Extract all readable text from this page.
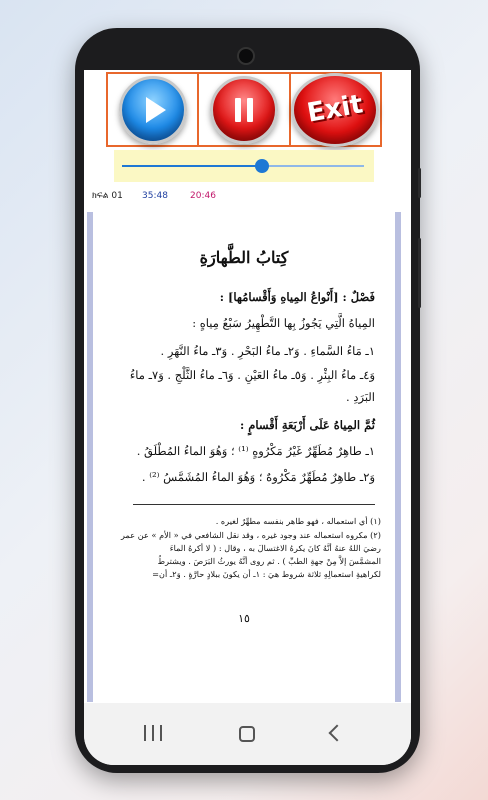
Exit
ክፍል 01 35:48 20:46
كِتابُ الطَّهارَةِ
فَصْلٌ : [أَنْواعُ المِياهِ وَأَقْسامُها] :
المِياهُ الَّتِي يَجُوزُ بِها التَّطْهِيرُ سَبْعُ مِياهٍ :
١ـ مَاءُ السَّماءِ . وَ٢ـ ماءُ البَحْرِ . وَ٣ـ ماءُ النَّهَرِ .
وَ٤ـ ماءُ البِئْرِ . وَ٥ـ ماءُ العَيْنِ . وَ٦ـ ماءُ الثَّلْجِ . وَ٧ـ ماءُ
البَرَدِ .
ثُمَّ المِياهُ عَلَى أَرْبَعَةِ أَقْسامٍ :
١ـ طاهِرٌ مُطَهِّرٌ غَيْرُ مَكْرُوهٍ ⁽¹⁾ ؛ وَهُوَ الماءُ المُطْلَقُ .
وَ٢ـ طاهِرٌ مُطَهِّرٌ مَكْرُوهٌ ؛ وَهُوَ الماءُ المُشَمَّسُ ⁽²⁾ .
(١) أي استعماله ، فهو طاهر بنفسه مطهِّرٌ لغيره .
(٢) مكروه استعماله عند وجود غيره ، وقد نقل الشافعي في « الأم » عن عمر
رضيَ اللهُ عنهُ أنَّهُ كانَ يكرهُ الاغتسالَ به ، وقال : ( لا أكرهُ الماءَ
المشمَّسَ إلاَّ مِنْ جهةِ الطبِّ ) . ثم روى أنَّهُ يورثُ البَرَصَ . ويشترطُ
لكراهيةِ استعمالِهِ ثلاثة شروط هيَ : ١ـ أن يكونَ ببلادٍ حارَّةٍ . وَ٢ـ أن=
١٥
